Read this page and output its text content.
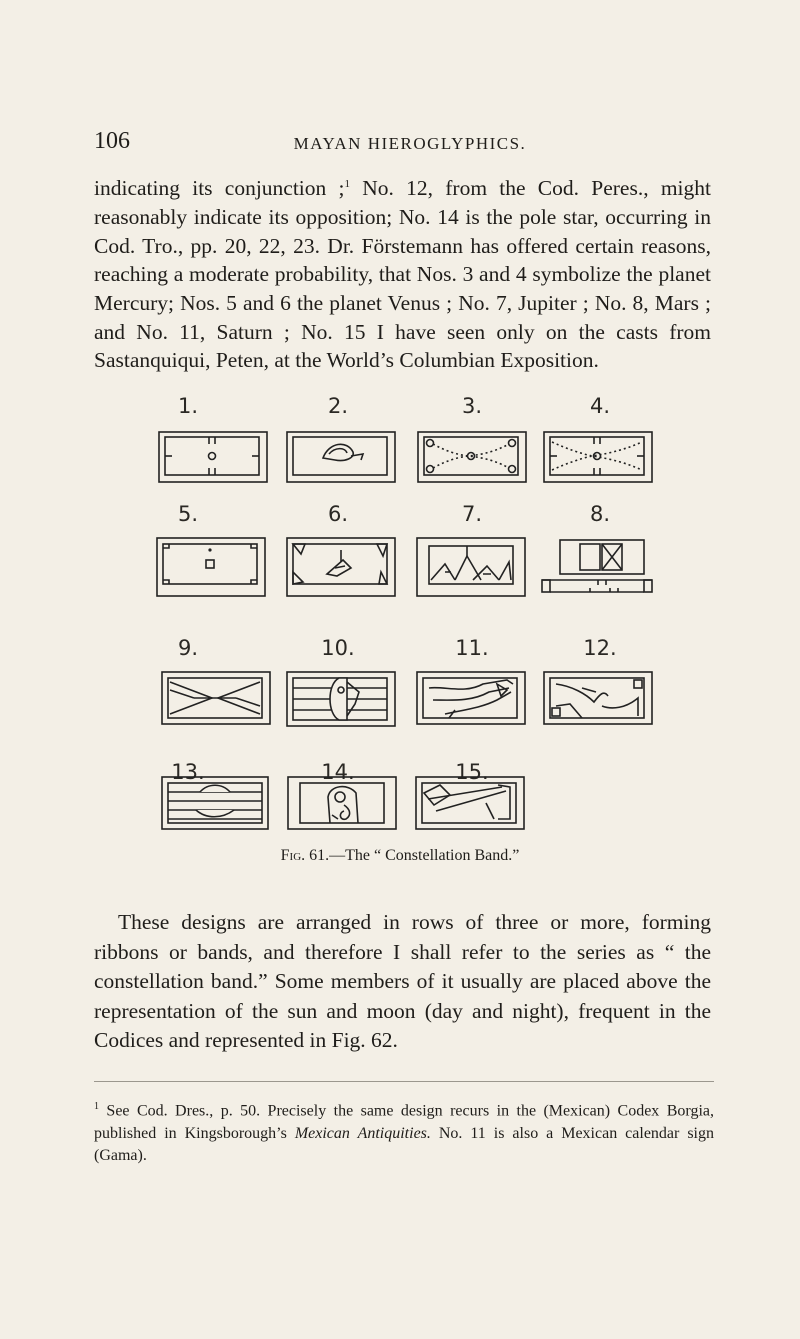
106	MAYAN HIEROGLYPHICS.

indicating its conjunction ;$^1$ No. 12, from the Cod. Peres., might reasonably indicate its opposition; No. 14 is the pole star, occurring in Cod. Tro., pp. 20, 22, 23. Dr. Förstemann has offered certain reasons, reaching a moderate probability, that Nos. 3 and 4 symbolize the planet Mercury; Nos. 5 and 6 the planet Venus ; No. 7, Jupiter ; No. 8, Mars ; and No. 11, Saturn ; No. 15 I have seen only on the casts from Sastanquiqui, Peten, at the World’s Columbian Exposition.

1.	2.	3.	4.
5.	6.	7.	8.
9.	10.	11.	12.
13.	14.	15.
Fig. 61.—The “ Constellation Band.”

These designs are arranged in rows of three or more, forming ribbons or bands, and therefore I shall refer to the series as “ the constellation band.” Some members of it usually are placed above the representation of the sun and moon (day and night), frequent in the Codices and represented in Fig. 62.

$^1$ See Cod. Dres., p. 50. Precisely the same design recurs in the (Mexican) Codex Borgia, published in Kingsborough’s Mexican Antiquities. No. 11 is also a Mexican calendar sign (Gama).
